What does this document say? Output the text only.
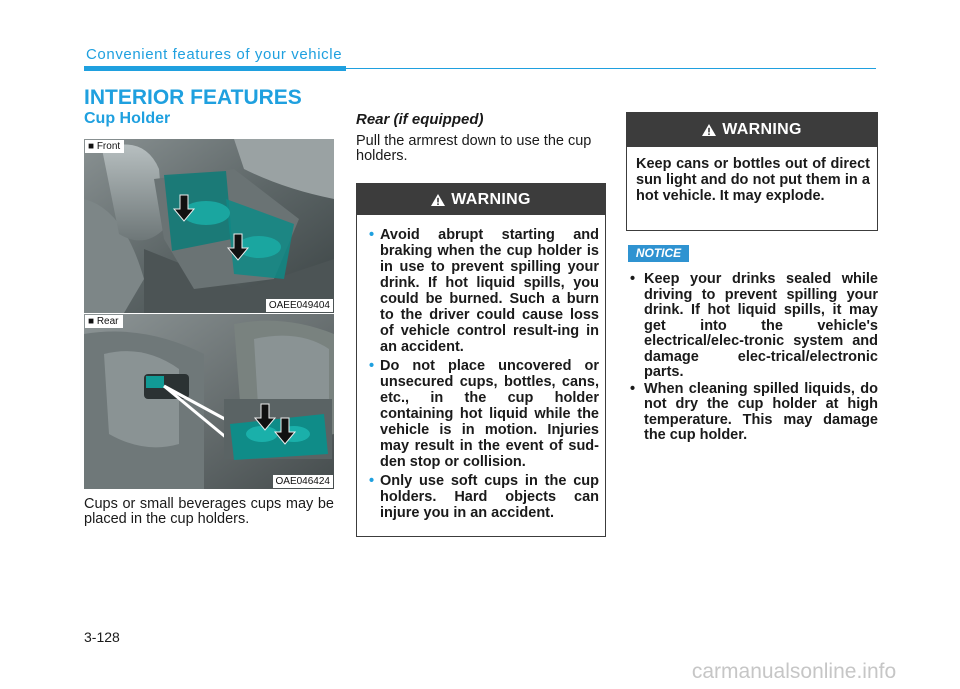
Convenient features of your vehicle
INTERIOR FEATURES
Cup Holder
■ Front
OAEE049404
■ Rear
OAE046424
Cups or small beverages cups may be placed in the cup holders.
Rear (if equipped)
Pull the armrest down to use the cup holders.
WARNING
• Avoid abrupt starting and braking when the cup holder is in use to prevent spilling your drink. If hot liquid spills, you could be burned. Such a burn to the driver could cause loss of vehicle control result-ing in an accident.
• Do not place uncovered or unsecured cups, bottles, cans, etc., in the cup holder containing hot liquid while the vehicle is in motion. Injuries may result in the event of sud-den stop or collision.
• Only use soft cups in the cup holders. Hard objects can injure you in an accident.
WARNING
Keep cans or bottles out of direct sun light and do not put them in a hot vehicle. It may explode.
NOTICE
• Keep your drinks sealed while driving to prevent spilling your drink. If hot liquid spills, it may get into the vehicle's electrical/elec-tronic system and damage elec-trical/electronic parts.
• When cleaning spilled liquids, do not dry the cup holder at high temperature. This may damage the cup holder.
3-128
carmanualsonline.info
